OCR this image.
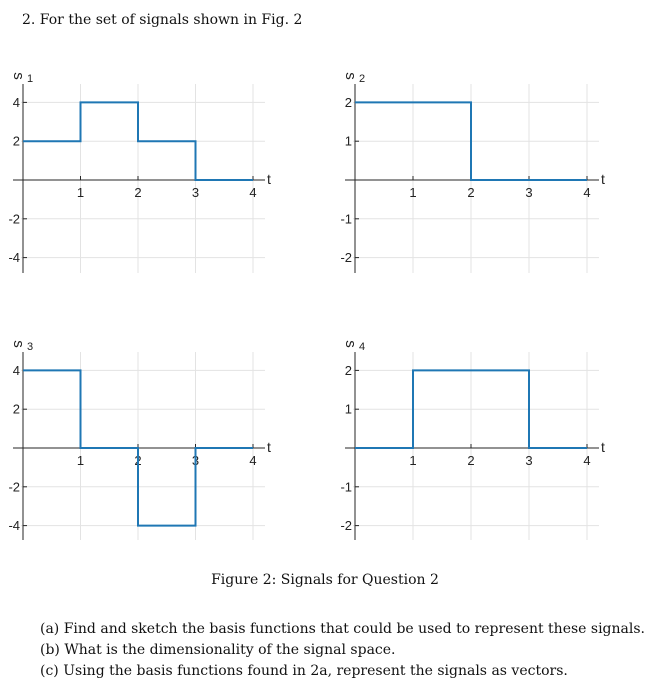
2. For the set of signals shown in Fig. 2
4
2
-2
-4
1	2	3	4
t
s 1
2
1
-1
-2
1	2	3	4
t
s 2
4
2
-2
-4
1	2	3	4
t
s 3
2
1
-1
-2
1	2	3	4
t
s 4
Figure 2: Signals for Question 2
(a) Find and sketch the basis functions that could be used to represent these signals.
(b) What is the dimensionality of the signal space.
(c) Using the basis functions found in 2a, represent the signals as vectors.
